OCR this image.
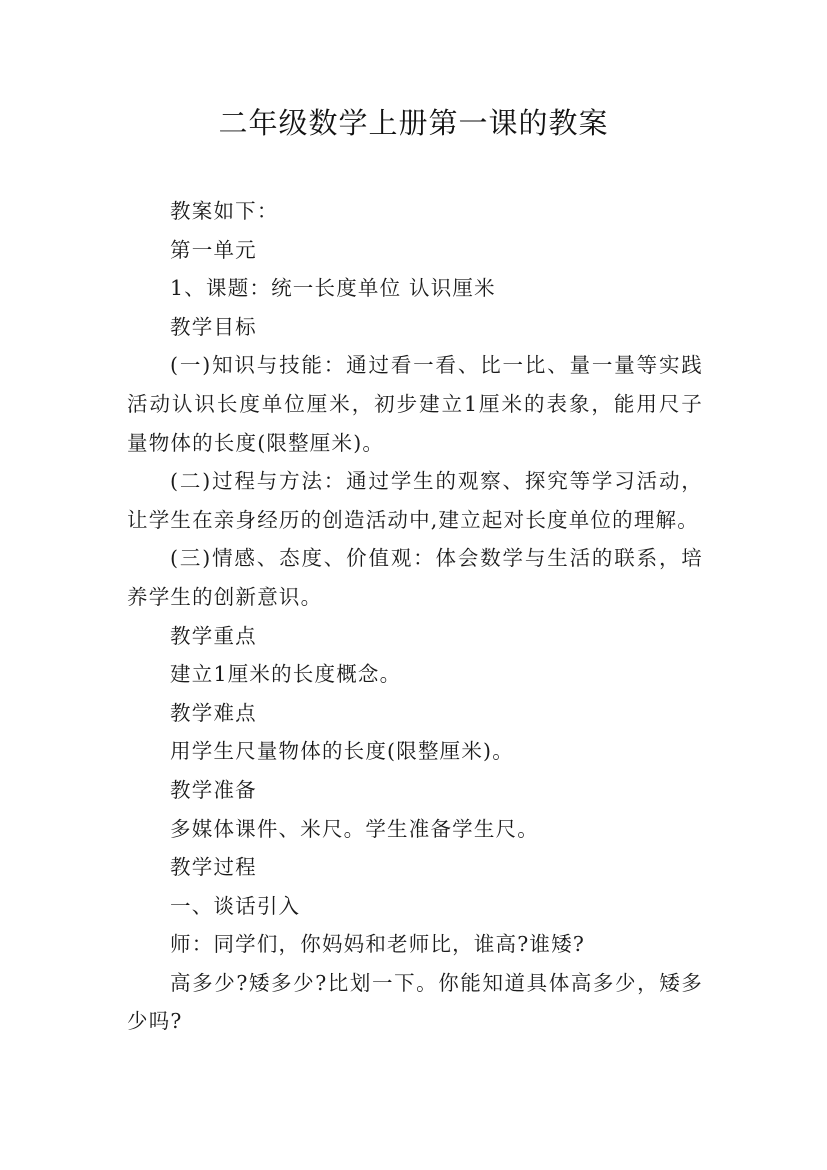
二年级数学上册第一课的教案

教案如下：

第一单元

1、课题：统一长度单位 认识厘米

教学目标

(一)知识与技能：通过看一看、比一比、量一量等实践活动认识长度单位厘米，初步建立1厘米的表象，能用尺子量物体的长度(限整厘米)。

(二)过程与方法：通过学生的观察、探究等学习活动，让学生在亲身经历的创造活动中,建立起对长度单位的理解。

(三)情感、态度、价值观：体会数学与生活的联系，培养学生的创新意识。

教学重点

建立1厘米的长度概念。

教学难点

用学生尺量物体的长度(限整厘米)。

教学准备

多媒体课件、米尺。学生准备学生尺。

教学过程

一、谈话引入

师：同学们，你妈妈和老师比，谁高?谁矮?

高多少?矮多少?比划一下。你能知道具体高多少，矮多少吗?
